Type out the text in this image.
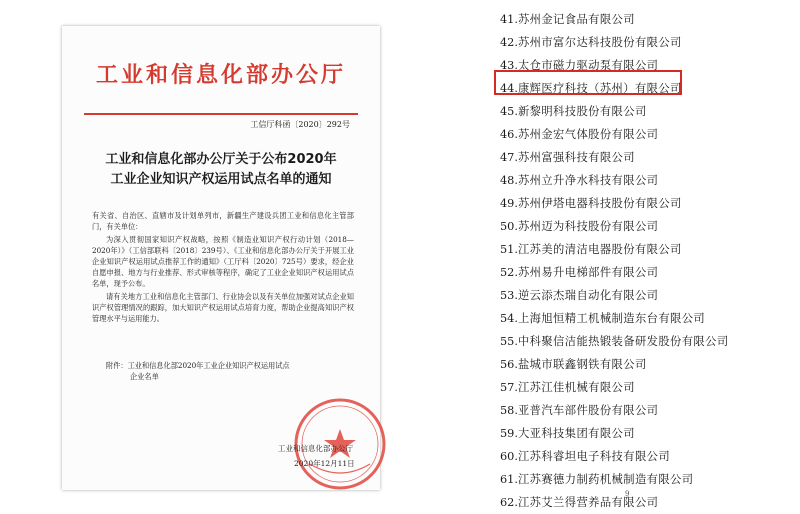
工业和信息化部办公厅
工信厅科函〔2020〕292号
工业和信息化部办公厅关于公布2020年
工业企业知识产权运用试点名单的通知

有关省、自治区、直辖市及计划单列市，新疆生产建设兵团工业和信息化主管部门，有关单位：

为深入贯彻国家知识产权战略，按照《制造业知识产权行动计划（2018—2020年）》（工信部联科〔2018〕239号）、《工业和信息化部办公厅关于开展工业企业知识产权运用试点推荐工作的通知》（工厅科〔2020〕725号）要求，经企业自愿申报、地方与行业推荐、形式审核等程序，确定了工业企业知识产权运用试点名单，现予公布。

请有关地方工业和信息化主管部门、行业协会以及有关单位加强对试点企业知识产权管理情况的跟踪，加大知识产权运用试点培育力度，帮助企业提高知识产权管理水平与运用能力。

附件：工业和信息化部2020年工业企业知识产权运用试点
企业名单
工业和信息化部办公厅
2020年12月11日
41.苏州金记食品有限公司
42.苏州市富尔达科技股份有限公司
43.太仓市磁力驱动泵有限公司
44.康辉医疗科技（苏州）有限公司
45.新黎明科技股份有限公司
46.苏州金宏气体股份有限公司
47.苏州富强科技有限公司
48.苏州立升净水科技有限公司
49.苏州伊塔电器科技股份有限公司
50.苏州迈为科技股份有限公司
51.江苏美的清洁电器股份有限公司
52.苏州易升电梯部件有限公司
53.逆云添杰瑞自动化有限公司
54.上海旭恒精工机械制造东台有限公司
55.中科聚信洁能热锻装备研发股份有限公司
56.盐城市联鑫钢铁有限公司
57.江苏江佳机械有限公司
58.亚普汽车部件股份有限公司
59.大亚科技集团有限公司
60.江苏科睿坦电子科技有限公司
61.江苏赛德力制药机械制造有限公司
62.江苏艾兰得营养品有限公司
9
